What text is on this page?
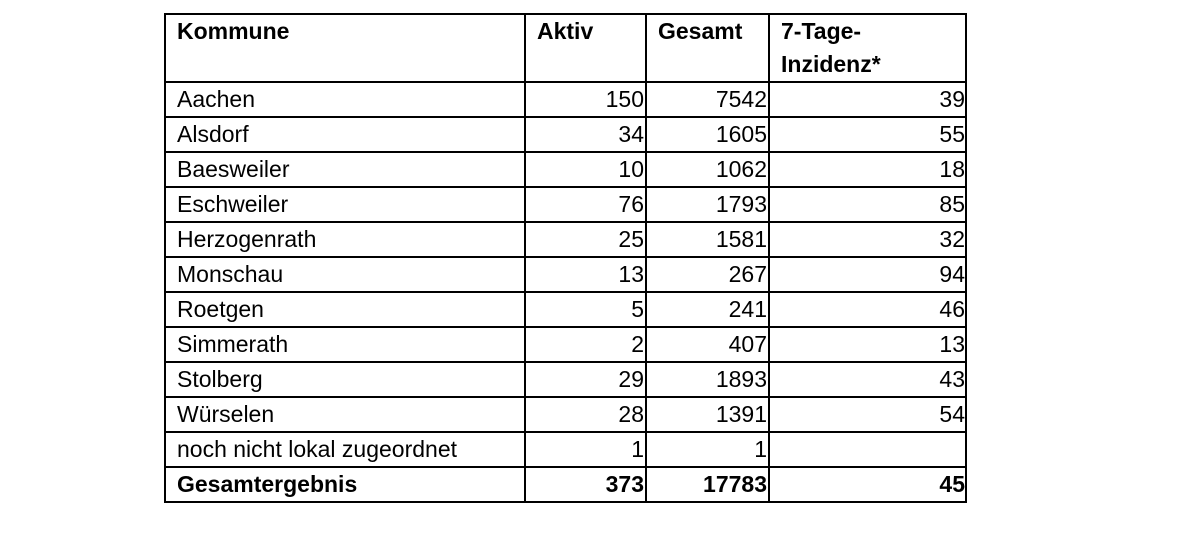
Kommune	Aktiv	Gesamt	7-Tage-
Inzidenz*
Aachen	150	7542	39
Alsdorf	34	1605	55
Baesweiler	10	1062	18
Eschweiler	76	1793	85
Herzogenrath	25	1581	32
Monschau	13	267	94
Roetgen	5	241	46
Simmerath	2	407	13
Stolberg	29	1893	43
Würselen	28	1391	54
noch nicht lokal zugeordnet	1	1	
Gesamtergebnis	373	17783	45
